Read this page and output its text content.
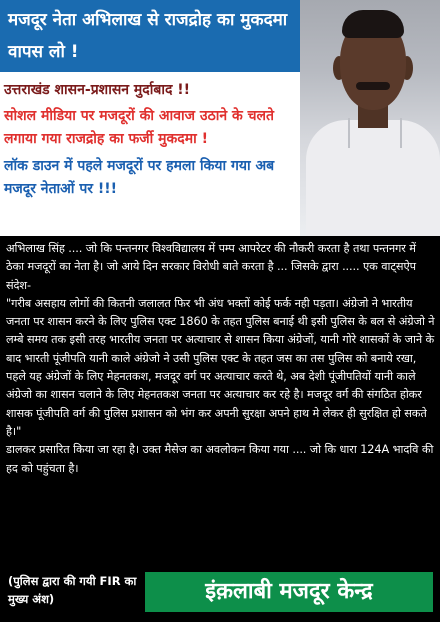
मजदूर नेता अभिलाख से राजद्रोह का मुकदमा वापस लो !
उत्तराखंड शासन-प्रशासन मुर्दाबाद !!
सोशल मीडिया पर मजदूरों की आवाज उठाने के चलते लगाया गया राजद्रोह का फर्जी मुकदमा !
लॉक डाउन में पहले मजदूरों पर हमला किया गया अब मजदूर नेताओं पर !!!

अभिलाख सिंह .... जो कि पन्तनगर विश्वविद्यालय में पम्प आपरेटर की नौकरी करता है तथा पन्तनगर में ठेका मजदूरों का नेता है। जो आये दिन सरकार विरोधी बाते करता है ... जिसके द्वारा ..... एक वाट्सऐप संदेश-

"गरीब असहाय लोगों की कितनी जलालत फिर भी अंध भक्तों कोई फर्क नही पड़ता। अंग्रेजो ने भारतीय जनता पर शासन करने के लिए पुलिस एक्ट 1860 के तहत पुलिस बनाई थी इसी पुलिस के बल से अंग्रेजो ने लम्बे समय तक इसी तरह भारतीय जनता पर अत्याचार से शासन किया अंग्रेजों, यानी गोरे शासकों के जाने के बाद भारती पूंजीपति यानी काले अंग्रेजो ने उसी पुलिस एक्ट के तहत जस का तस पुलिस को बनाये रखा, पहले यह अंग्रेजों के लिए मेहनतकश, मजदूर वर्ग पर अत्याचार करते थे, अब देशी पूंजीपतियों यानी काले अंग्रेजो का शासन चलाने के लिए मेहनतकश जनता पर अत्याचार कर रहे है। मजदूर वर्ग की संगठित होकर शासक पूंजीपति वर्ग की पुलिस प्रशासन को भंग कर अपनी सुरक्षा अपने हाथ मे लेकर ही सुरक्षित हो सकते है।"

डालकर प्रसारित किया जा रहा है। उक्त मैसेज का अवलोकन किया गया .... जो कि धारा 124A भादवि की हद को पहुंचता है।

(पुलिस द्वारा की गयी FIR का मुख्य अंश)	इंक़लाबी मजदूर केन्द्र
